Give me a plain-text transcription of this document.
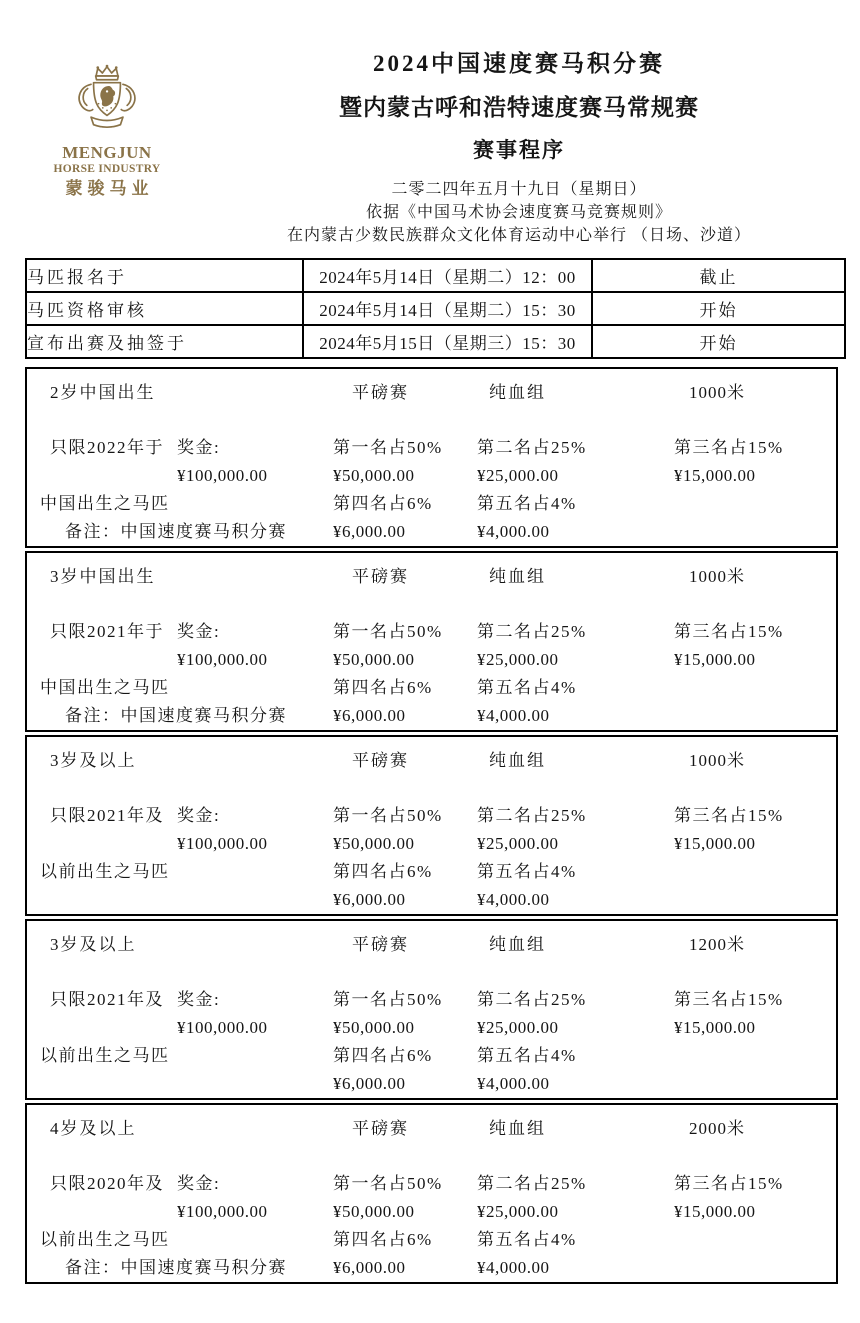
MENGJUN
HORSE INDUSTRY
蒙骏马业
2024中国速度赛马积分赛
暨内蒙古呼和浩特速度赛马常规赛
赛事程序
二零二四年五月十九日（星期日）
依据《中国马术协会速度赛马竞赛规则》
在内蒙古少数民族群众文化体育运动中心举行 （日场、沙道）
马匹报名于	2024年5月14日（星期二）12：00	截止
马匹资格审核	2024年5月14日（星期二）15：30	开始
宣布出赛及抽签于	2024年5月15日（星期三）15：30	开始
2岁中国出生	平磅赛	纯血组	1000米
只限2022年于 奖金:	第一名占50%	第二名占25%	第三名占15%
¥100,000.00	¥50,000.00	¥25,000.00	¥15,000.00
中国出生之马匹	第四名占6%	第五名占4%
备注：中国速度赛马积分赛	¥6,000.00	¥4,000.00
3岁中国出生	平磅赛	纯血组	1000米
只限2021年于 奖金:	第一名占50%	第二名占25%	第三名占15%
¥100,000.00	¥50,000.00	¥25,000.00	¥15,000.00
中国出生之马匹	第四名占6%	第五名占4%
备注：中国速度赛马积分赛	¥6,000.00	¥4,000.00
3岁及以上	平磅赛	纯血组	1000米
只限2021年及 奖金:	第一名占50%	第二名占25%	第三名占15%
¥100,000.00	¥50,000.00	¥25,000.00	¥15,000.00
以前出生之马匹	第四名占6%	第五名占4%
¥6,000.00	¥4,000.00
3岁及以上	平磅赛	纯血组	1200米
只限2021年及 奖金:	第一名占50%	第二名占25%	第三名占15%
¥100,000.00	¥50,000.00	¥25,000.00	¥15,000.00
以前出生之马匹	第四名占6%	第五名占4%
¥6,000.00	¥4,000.00
4岁及以上	平磅赛	纯血组	2000米
只限2020年及 奖金:	第一名占50%	第二名占25%	第三名占15%
¥100,000.00	¥50,000.00	¥25,000.00	¥15,000.00
以前出生之马匹	第四名占6%	第五名占4%
备注：中国速度赛马积分赛	¥6,000.00	¥4,000.00
